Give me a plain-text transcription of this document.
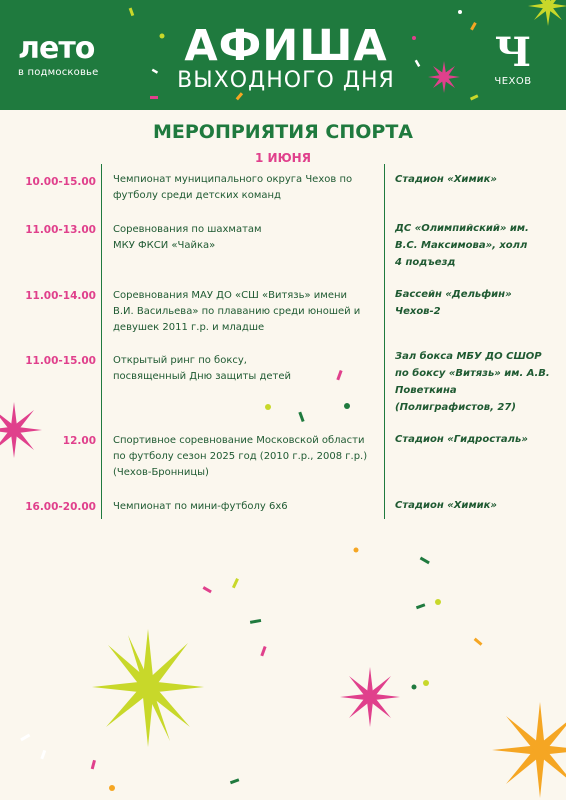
лето
в подмосковье
АФИША
ВЫХОДНОГО ДНЯ
Ч
ЧЕХОВ
МЕРОПРИЯТИЯ СПОРТА
1 ИЮНЯ
10.00-15.00 Чемпионат муниципального округа Чехов по футболу среди детских команд
Стадион «Химик»
11.00-13.00 Соревнования по шахматам МКУ ФКСИ «Чайка»
ДС «Олимпийский» им. В.С. Максимова», холл 4 подъезд
11.00-14.00 Соревнования МАУ ДО «СШ «Витязь» имени В.И. Васильева» по плаванию среди юношей и девушек 2011 г.р. и младше
Бассейн «Дельфин» Чехов-2
11.00-15.00 Открытый ринг по боксу, посвященный Дню защиты детей
Зал бокса МБУ ДО СШОР по боксу «Витязь» им. А.В. Поветкина (Полиграфистов, 27)
12.00 Спортивное соревнование Московской области по футболу сезон 2025 год (2010 г.р., 2008 г.р.) (Чехов-Бронницы)
Стадион «Гидросталь»
16.00-20.00 Чемпионат по мини-футболу 6х6	Стадион «Химик»
